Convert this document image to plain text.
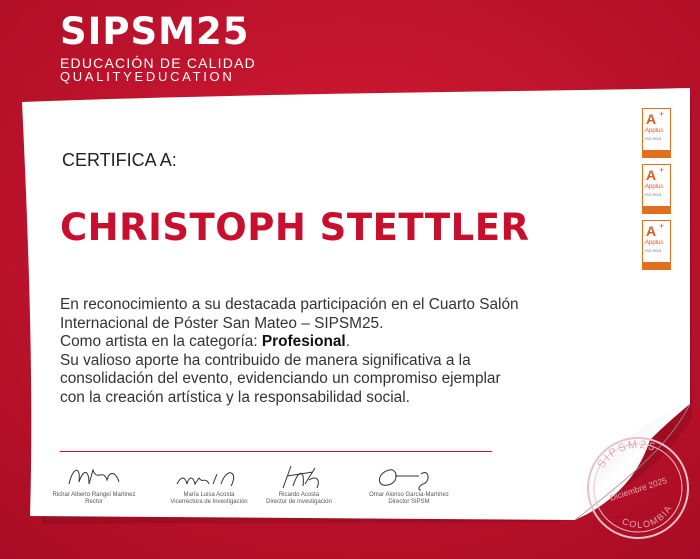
SIPSM25
EDUCACIÓN DE CALIDAD
QUALITYEDUCATION
CERTIFICA A:
CHRISTOPH STETTLER

En reconocimiento a su destacada participación en el Cuarto Salón Internacional de Póster San Mateo – SIPSM25.

Como artista en la categoría: Profesional.

Su valioso aporte ha contribuido de manera significativa a la consolidación del evento, evidenciando un compromiso ejemplar con la creación artística y la responsabilidad social.

A +
Applus
ISO 9001
A +
Applus
ISO 9001
A +
Applus
ISO 9001
Richar Alberto Rangel Martinez
Rector
María Luisa Acosta
Vicerrectora de Investigación
Ricardo Acosta
Director de investigación
Omar Alonso García-Martínez
Director SIPSM
SIPSM25
Diciembre 2025
COLOMBIA
